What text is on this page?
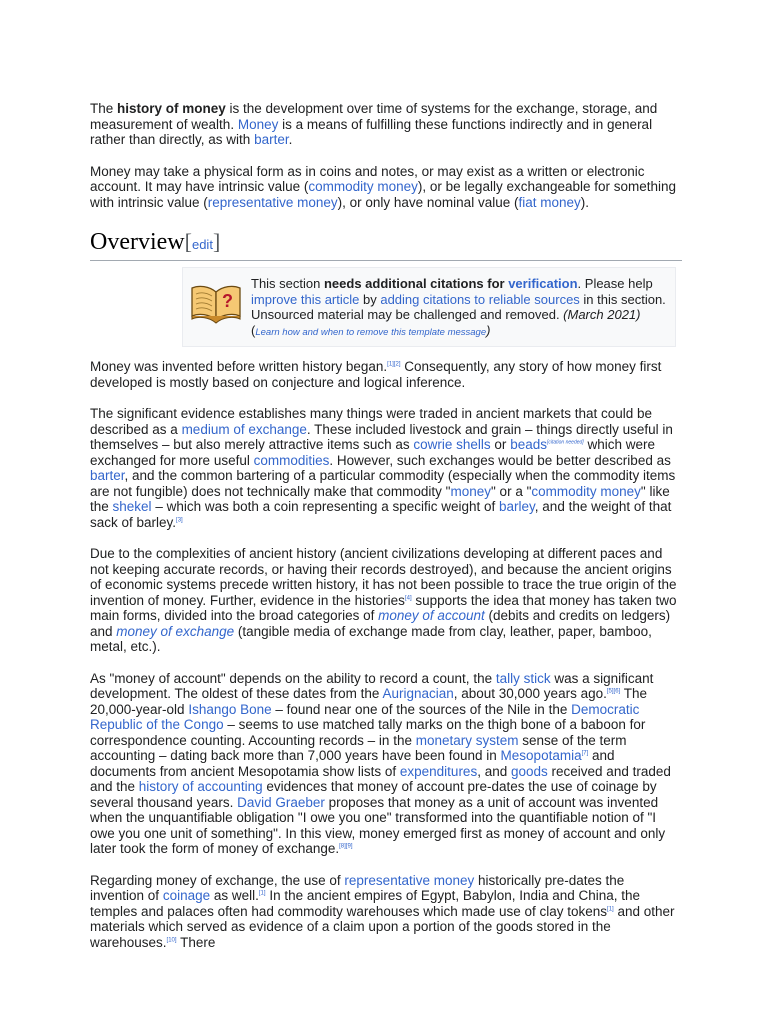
The history of money is the development over time of systems for the exchange, storage, and measurement of wealth. Money is a means of fulfilling these functions indirectly and in general rather than directly, as with barter.

Money may take a physical form as in coins and notes, or may exist as a written or electronic account. It may have intrinsic value (commodity money), or be legally exchangeable for something with intrinsic value (representative money), or only have nominal value (fiat money).

Overview[edit]
?
This section needs additional citations for verification. Please help improve this article by adding citations to reliable sources in this section. Unsourced material may be challenged and removed. (March 2021) (Learn how and when to remove this template message)

Money was invented before written history began.[1][2] Consequently, any story of how money first developed is mostly based on conjecture and logical inference.

The significant evidence establishes many things were traded in ancient markets that could be described as a medium of exchange. These included livestock and grain – things directly useful in themselves – but also merely attractive items such as cowrie shells or beads[citation needed] which were exchanged for more useful commodities. However, such exchanges would be better described as barter, and the common bartering of a particular commodity (especially when the commodity items are not fungible) does not technically make that commodity "money" or a "commodity money" like the shekel – which was both a coin representing a specific weight of barley, and the weight of that sack of barley.[3]

Due to the complexities of ancient history (ancient civilizations developing at different paces and not keeping accurate records, or having their records destroyed), and because the ancient origins of economic systems precede written history, it has not been possible to trace the true origin of the invention of money. Further, evidence in the histories[4] supports the idea that money has taken two main forms, divided into the broad categories of money of account (debits and credits on ledgers) and money of exchange (tangible media of exchange made from clay, leather, paper, bamboo, metal, etc.).

As "money of account" depends on the ability to record a count, the tally stick was a significant development. The oldest of these dates from the Aurignacian, about 30,000 years ago.[5][6] The 20,000-year-old Ishango Bone – found near one of the sources of the Nile in the Democratic Republic of the Congo – seems to use matched tally marks on the thigh bone of a baboon for correspondence counting. Accounting records – in the monetary system sense of the term accounting – dating back more than 7,000 years have been found in Mesopotamia[7] and documents from ancient Mesopotamia show lists of expenditures, and goods received and traded and the history of accounting evidences that money of account pre-dates the use of coinage by several thousand years. David Graeber proposes that money as a unit of account was invented when the unquantifiable obligation "I owe you one" transformed into the quantifiable notion of "I owe you one unit of something". In this view, money emerged first as money of account and only later took the form of money of exchange.[8][9]

Regarding money of exchange, the use of representative money historically pre-dates the invention of coinage as well.[1] In the ancient empires of Egypt, Babylon, India and China, the temples and palaces often had commodity warehouses which made use of clay tokens[1] and other materials which served as evidence of a claim upon a portion of the goods stored in the warehouses.[10] There
